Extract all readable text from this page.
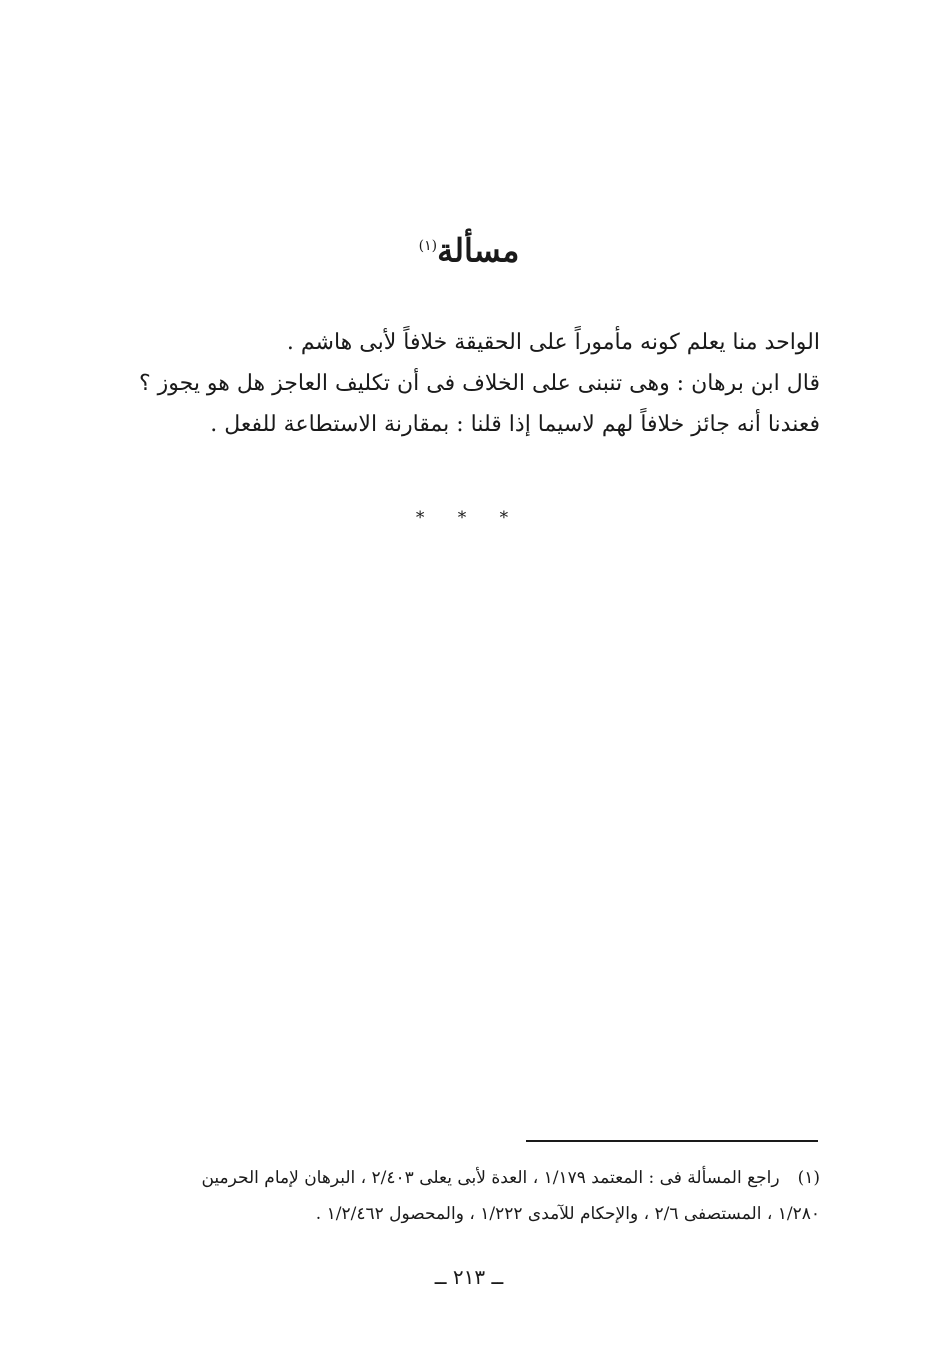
مسألة$^{(١)}$

الواحد منا يعلم كونه مأموراً على الحقيقة خلافاً لأبى هاشم .

قال ابن برهان : وهى تنبنى على الخلاف فى أن تكليف العاجز هل هو يجوز ؟

فعندنا أنه جائز خلافاً لهم لاسيما إذا قلنا : بمقارنة الاستطاعة للفعل .

* * *

(١)راجع المسألة فى : المعتمد ١/١٧٩ ، العدة لأبى يعلى ٢/٤٠٣ ، البرهان لإمام الحرمين

١/٢٨٠ ، المستصفى ٢/٦ ، والإحكام للآمدى ١/٢٢٢ ، والمحصول ١/٢/٤٦٢ .

ــ ٢١٣ ــ
